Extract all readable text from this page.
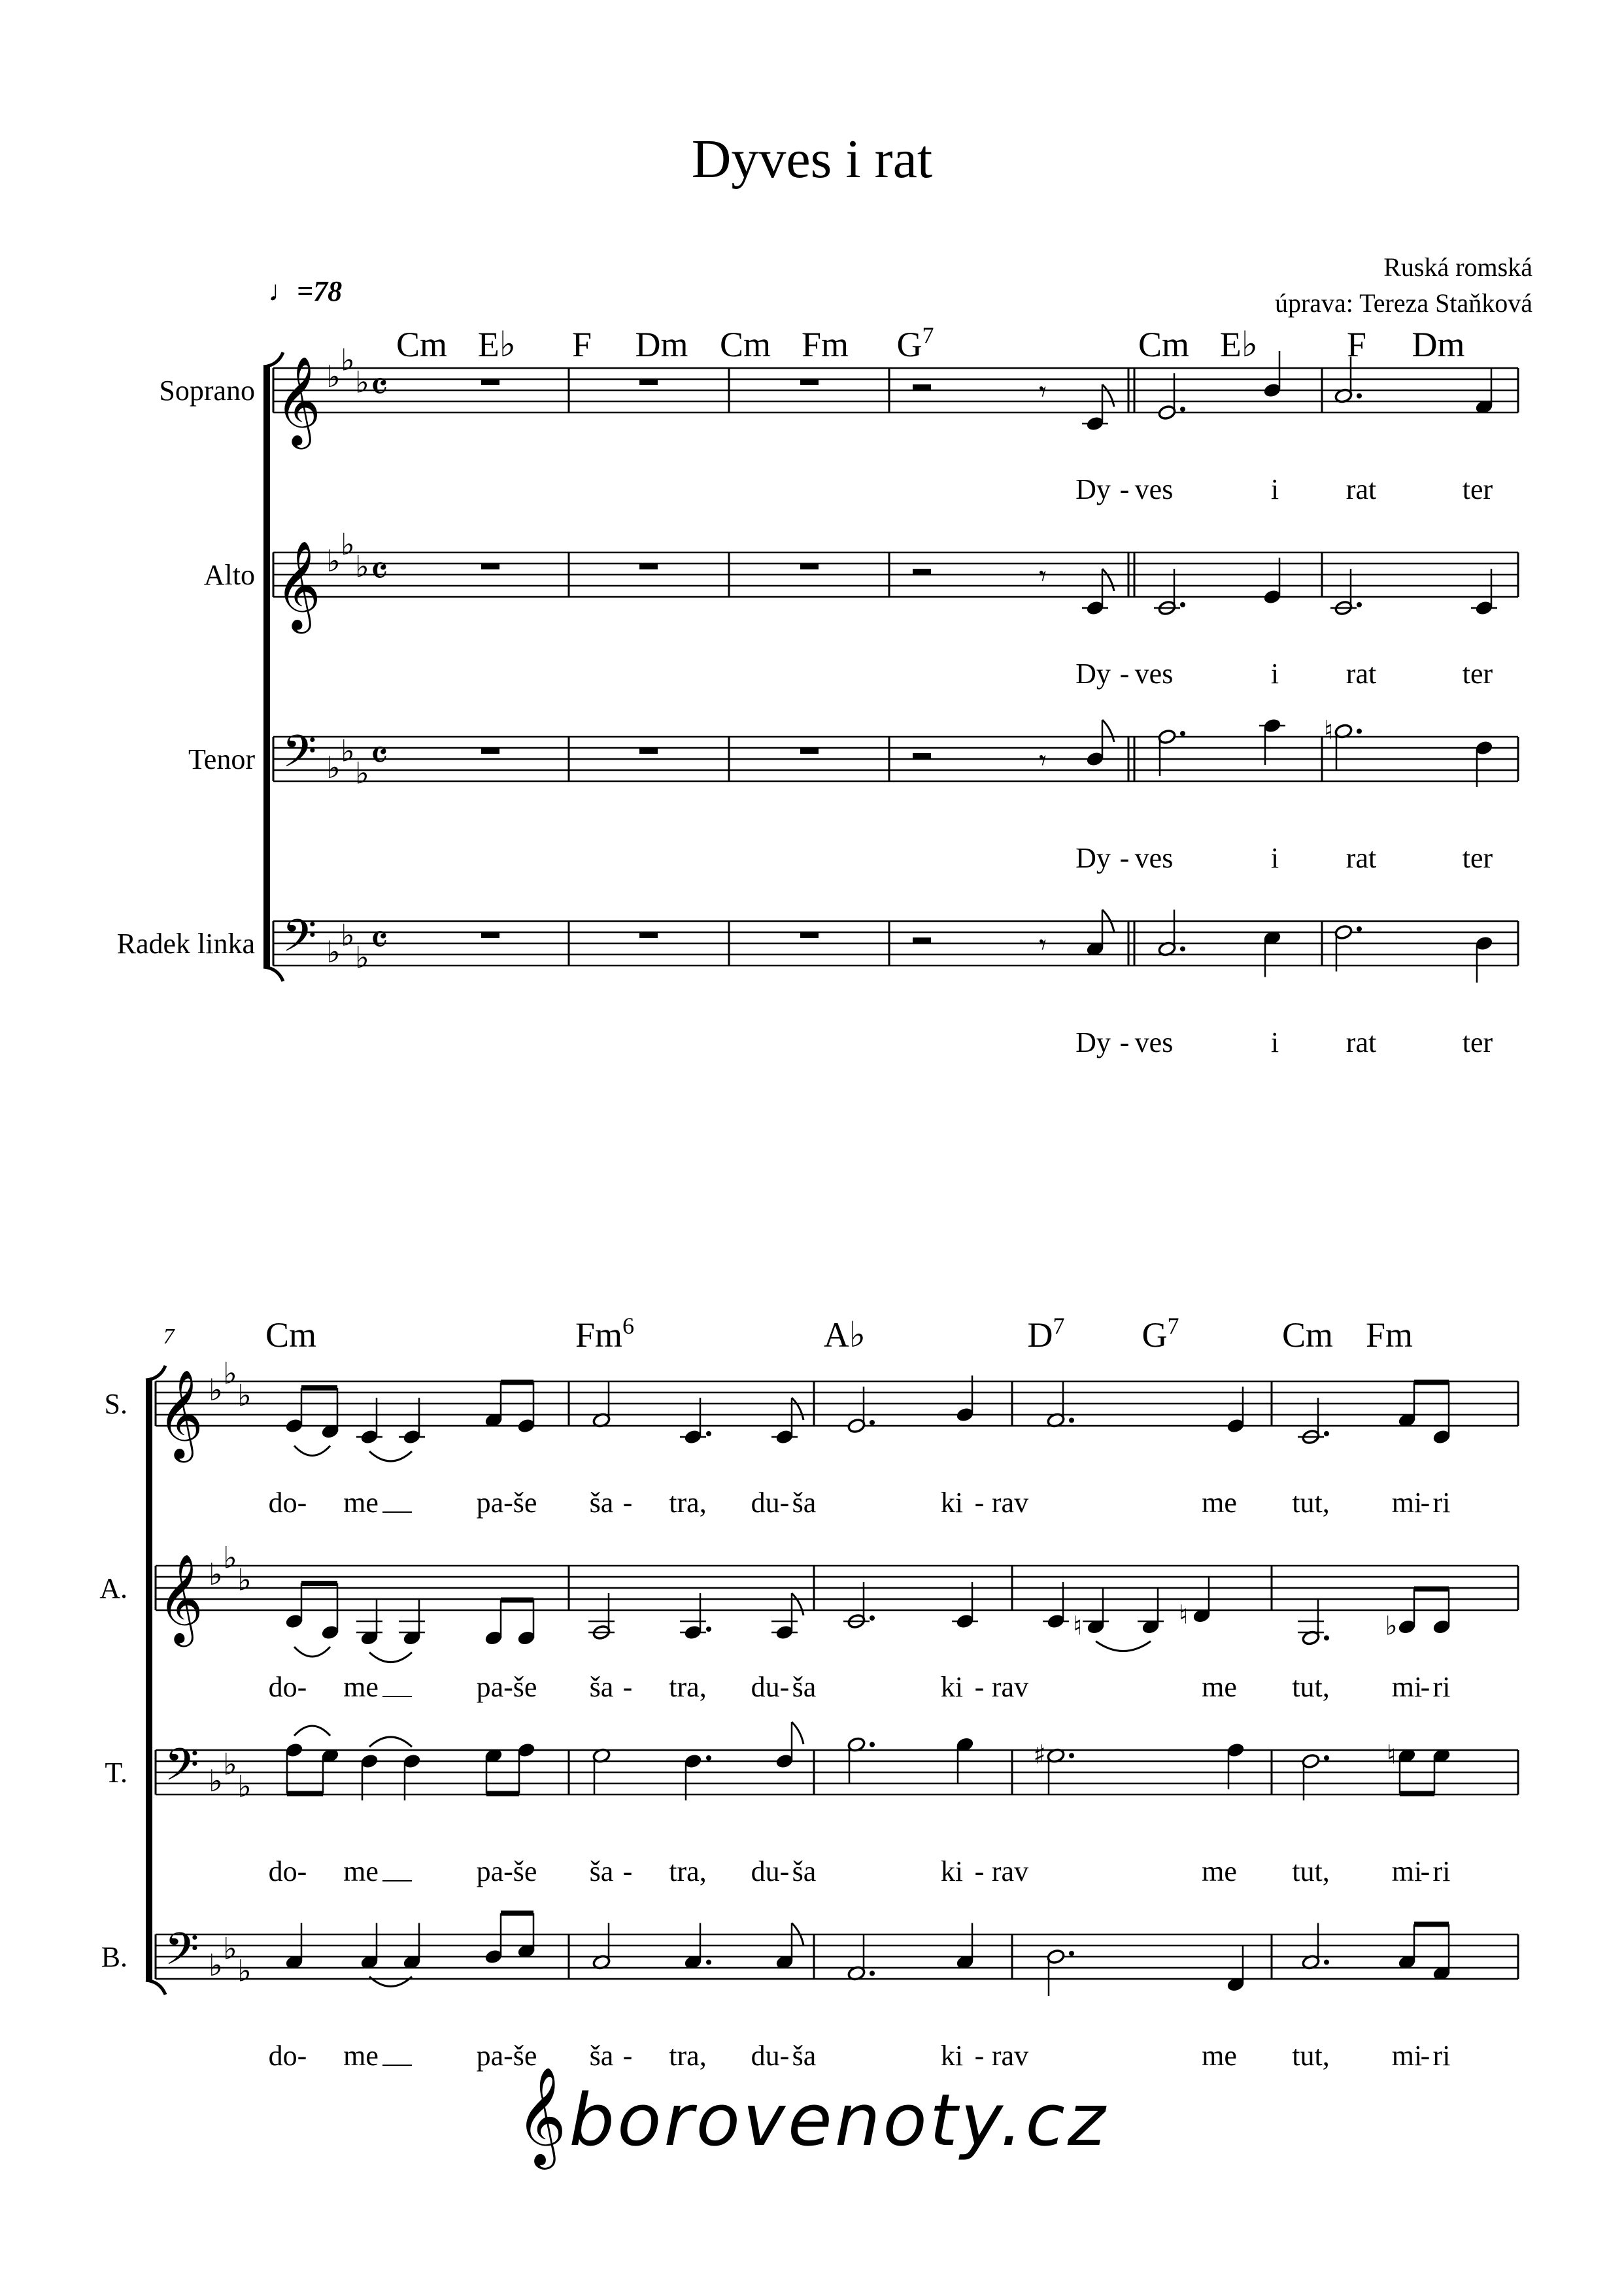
Dyves i rat
Ruská romská
úprava: Tereza Staňková
♩=78
Cm E♭ F Dm Cm Fm $G^7$	Cm E♭	F Dm
𝄞 ♭ ♭
♭ 𝄴
Soprano	𝄾
Dy - ves	i rat	ter
𝄞 ♭ ♭
♭ 𝄴
Alto	𝄾
Dy - ves	i rat	ter
𝄢 ♭ ♭
♭ 𝄴
Tenor	𝄾
Dy - ves	i rat	ter
𝄢 ♭ ♭
♭ 𝄴
Radek linka	𝄾
Dy - ves	i rat	ter
♮
7	Cm	Fm$^6$	A♭	$D^7$ $G^7$	Cm Fm
𝄞 ♭ ♭
♭
S.
do- me	pa-še ša - tra, du- ša	ki - rav	me tut, mi
- ri
𝄞 ♭ ♭
♭
A.
do- me	pa-še ša - tra, du- ša	ki - rav	me tut, mi
- ri
𝄢 ♭ ♭
♭
T.
do- me	pa-še ša - tra, du- ša	ki - rav	me tut, mi
- ri
𝄢 ♭ ♭
♭
B.
do- me	pa-še ša - tra, du- ša	ki - rav	me tut, mi
- ri
♮	♮	♭
♯	♮
𝄞borovenoty.cz
